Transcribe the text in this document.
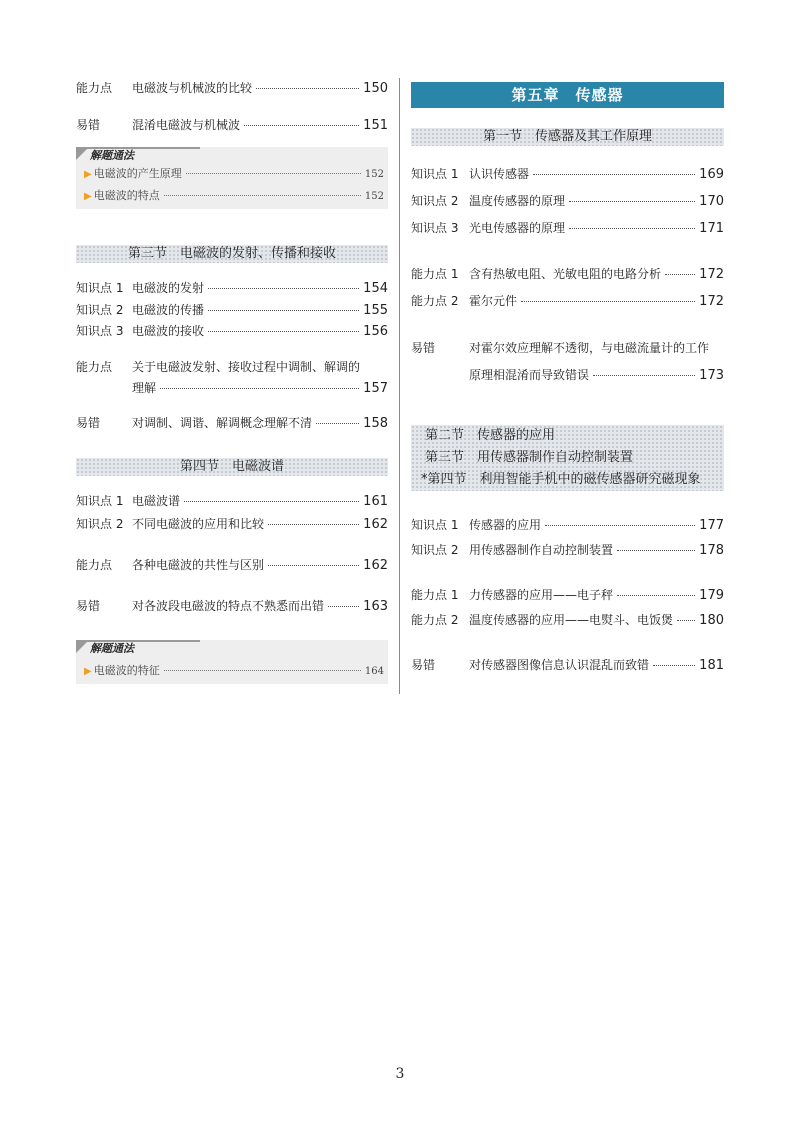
能力点	电磁波与机械波的比较	150
易错	混淆电磁波与机械波	151
解题通法
▶ 电磁波的产生原理	152
▶ 电磁波的特点	152
第三节　电磁波的发射、传播和接收
知识点 1 电磁波的发射	154
知识点 2 电磁波的传播	155
知识点 3 电磁波的接收	156
能力点	关于电磁波发射、接收过程中调制、解调的
理解	157
易错	对调制、调谐、解调概念理解不清	158
第四节　电磁波谱
知识点 1 电磁波谱	161
知识点 2 不同电磁波的应用和比较	162
能力点	各种电磁波的共性与区别	162
易错	对各波段电磁波的特点不熟悉而出错	163
解题通法
▶ 电磁波的特征	164
第五章　传感器
第一节　传感器及其工作原理
知识点 1 认识传感器	169
知识点 2 温度传感器的原理	170
知识点 3 光电传感器的原理	171
能力点 1 含有热敏电阻、光敏电阻的电路分析	172
能力点 2 霍尔元件	172
易错	对霍尔效应理解不透彻，与电磁流量计的工作
原理相混淆而导致错误	173
第二节　传感器的应用
第三节　用传感器制作自动控制装置
*第四节　利用智能手机中的磁传感器研究磁现象
知识点 1 传感器的应用	177
知识点 2 用传感器制作自动控制装置	178
能力点 1 力传感器的应用——电子秤	179
能力点 2 温度传感器的应用——电熨斗、电饭煲 180
易错	对传感器图像信息认识混乱而致错	181
3
